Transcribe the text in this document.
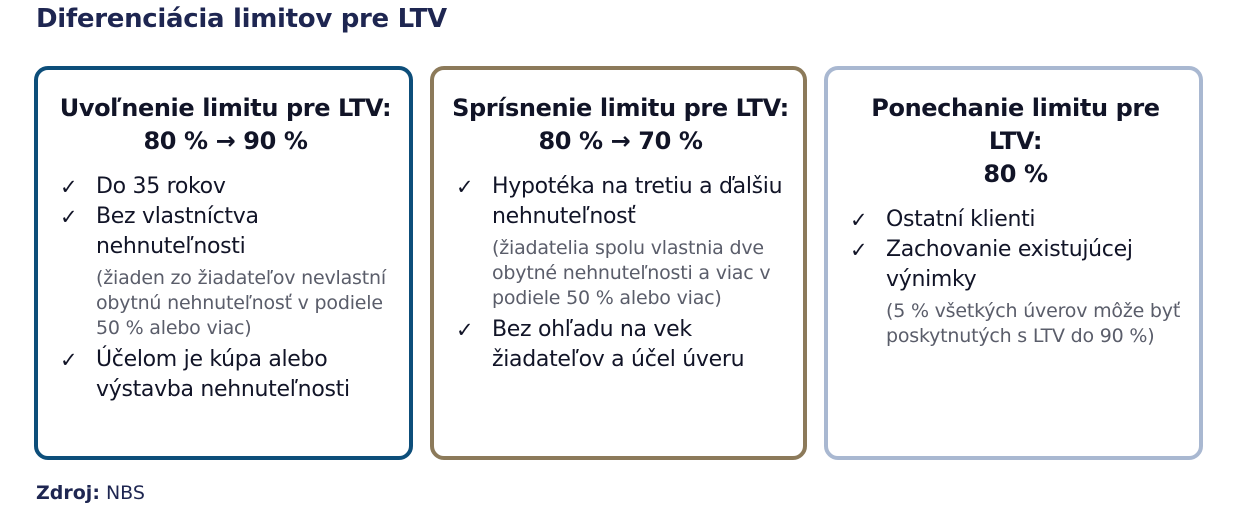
Diferenciácia limitov pre LTV
Uvoľnenie limitu pre LTV:
80 % → 90 %
✓ Do 35 rokov
✓ Bez vlastníctva nehnuteľnosti
(žiaden zo žiadateľov nevlastní obytnú nehnuteľnosť v podiele 50 % alebo viac)
✓ Účelom je kúpa alebo výstavba nehnuteľnosti
Sprísnenie limitu pre LTV:
80 % → 70 %
✓ Hypotéka na tretiu a ďalšiu nehnuteľnosť
(žiadatelia spolu vlastnia dve obytné nehnuteľnosti a viac v podiele 50 % alebo viac)
✓ Bez ohľadu na vek žiadateľov a účel úveru
Ponechanie limitu pre LTV:
80 %
✓ Ostatní klienti
✓ Zachovanie existujúcej výnimky
(5 % všetkých úverov môže byť poskytnutých s LTV do 90 %)
Zdroj: NBS
